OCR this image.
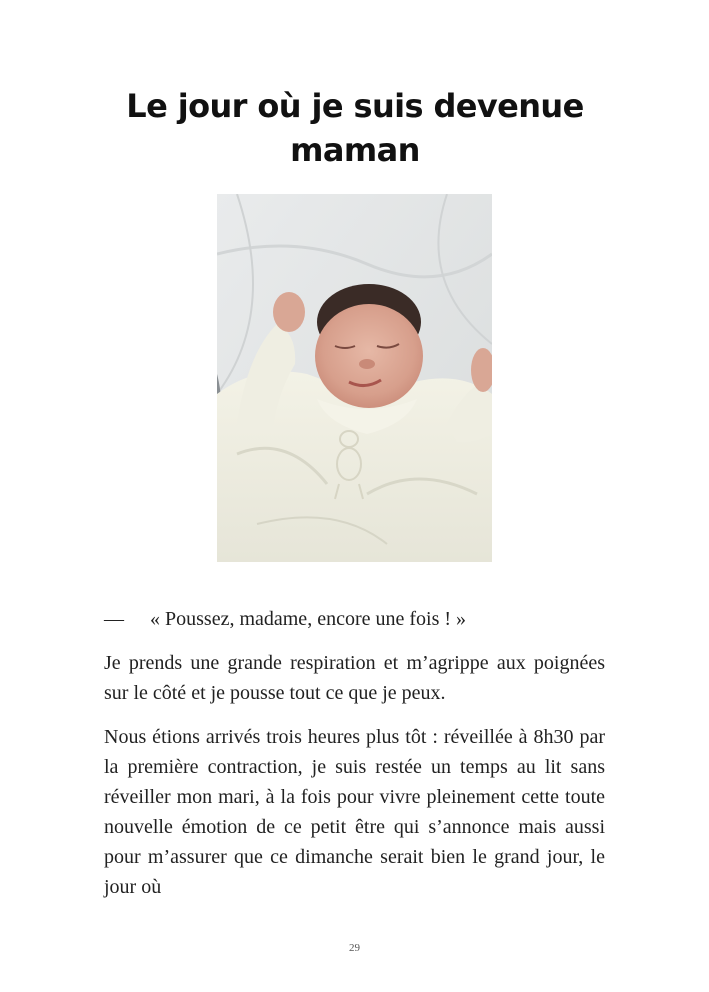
Le jour où je suis devenue maman

—	« Poussez, madame, encore une fois ! »

Je prends une grande respiration et m’agrippe aux poignées sur le côté et je pousse tout ce que je peux.

Nous étions arrivés trois heures plus tôt : réveillée à 8h30 par la première contraction, je suis restée un temps au lit sans réveiller mon mari, à la fois pour vivre pleinement cette toute nouvelle émotion de ce petit être qui s’annonce mais aussi pour m’assurer que ce dimanche serait bien le grand jour, le jour où

29
